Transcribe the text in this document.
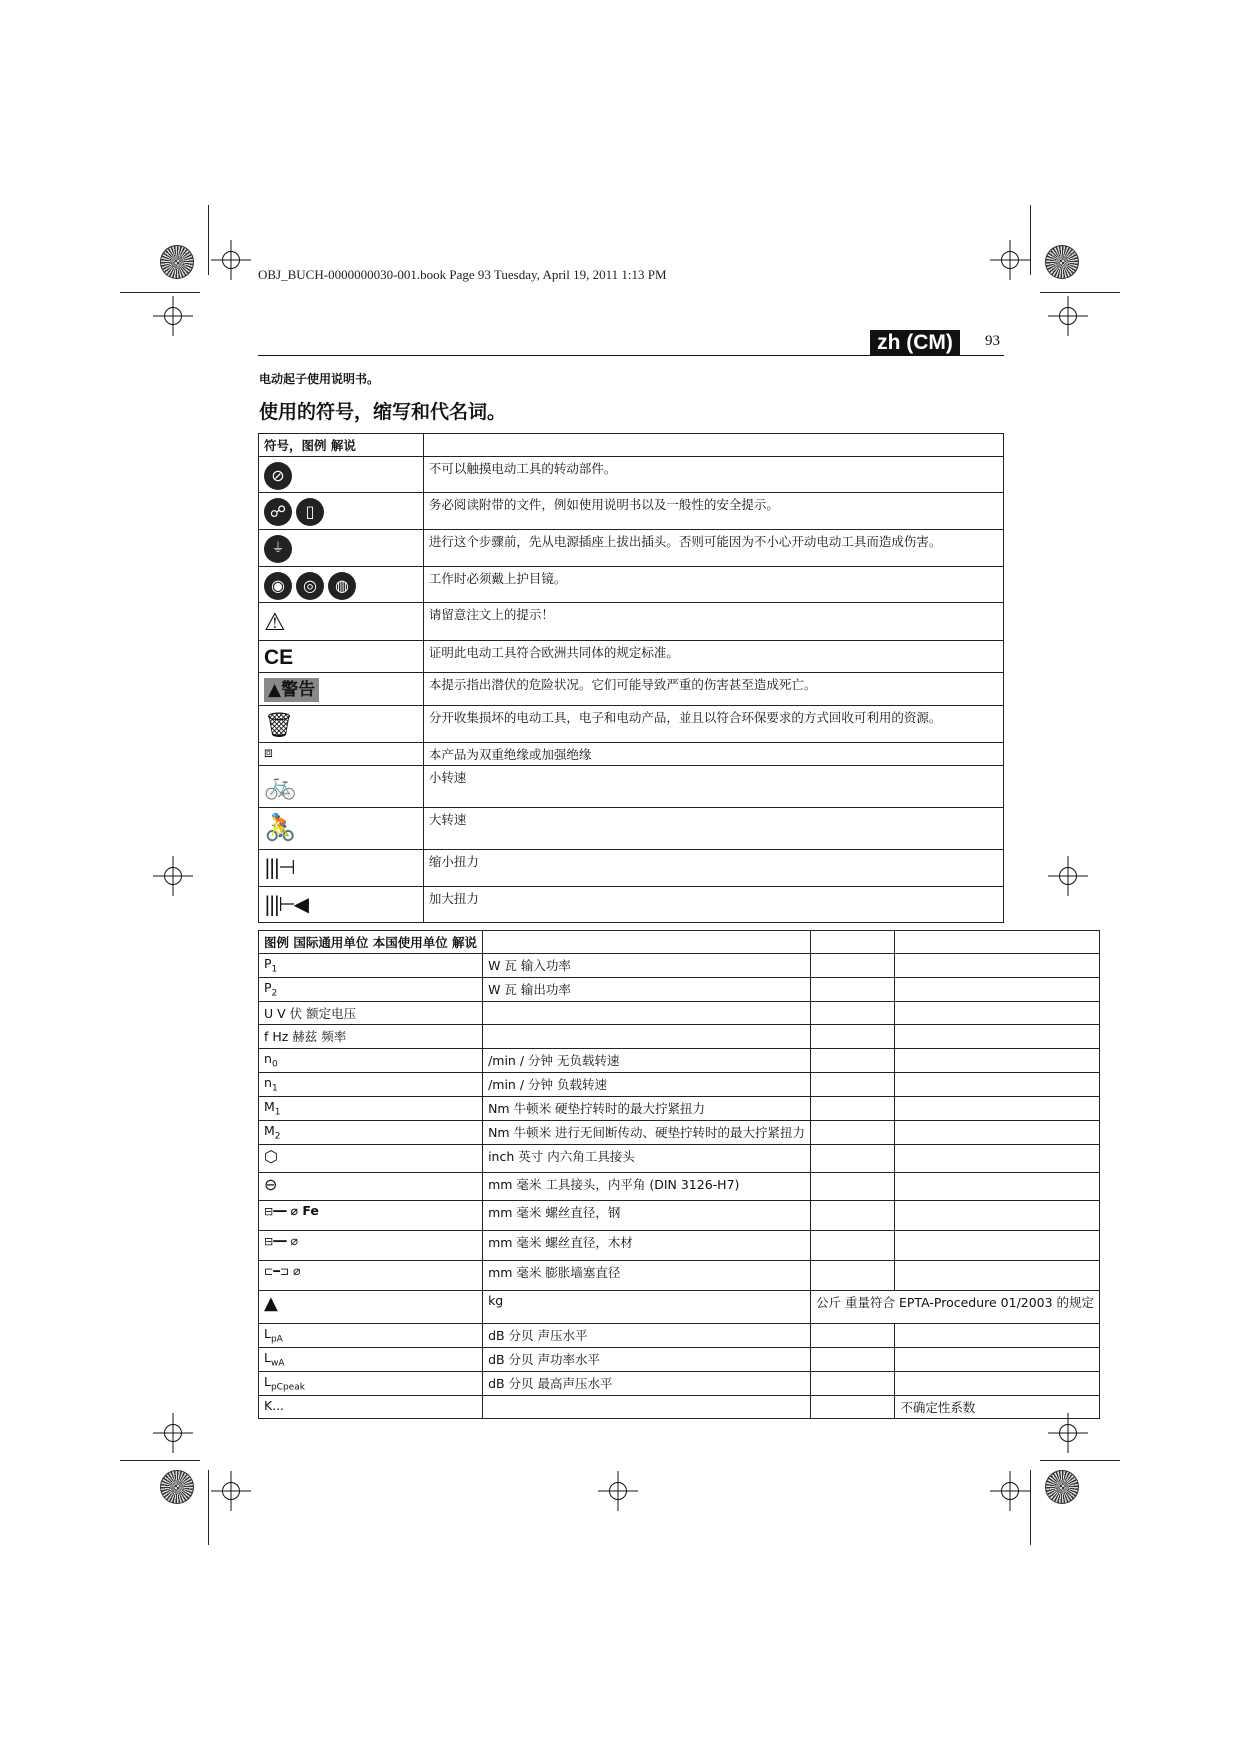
OBJ_BUCH-0000000030-001.book Page 93 Tuesday, April 19, 2011 1:13 PM
zh (CM)	93
电动起子使用说明书。
使用的符号，缩写和代名词。
符号，图例 解说	

⊘	不可以触摸电动工具的转动部件。

☍ ▯	务必阅读附带的文件，例如使用说明书以及一般性的安全提示。

⏚	进行这个步骤前，先从电源插座上拔出插头。否则可能因为不小心开动电动工具而造成伤害。

◉ ◎ ◍	工作时必须戴上护目镜。

⚠	请留意注文上的提示！

CE	证明此电动工具符合欧洲共同体的规定标准。

▲警告	本提示指出潜伏的危险状况。它们可能导致严重的伤害甚至造成死亡。

🗑	分开收集损坏的电动工具，电子和电动产品，並且以符合环保要求的方式回收可利用的资源。

⧈	本产品为双重绝缘或加强绝缘

🚲	小转速

🚴	大转速

|||⊣	缩小扭力

|||⊢◀	加大扭力
图例 国际通用单位 本国使用单位 解说			
$P_1$	W 瓦 输入功率		
$P_2$	W 瓦 输出功率		
U V 伏 额定电压			
f Hz 赫兹 频率			
$n_0$	/min / 分钟 无负载转速		
$n_1$	/min / 分钟 负载转速		
$M_1$	Nm 牛顿米 硬垫拧转时的最大拧紧扭力		
$M_2$	Nm 牛顿米 进行无间断传动、硬垫拧转时的最大拧紧扭力		
⬡	inch 英寸 内六角工具接头		
⊖	mm 毫米 工具接头，内平角 (DIN 3126-H7)		
⊟━━ ⌀ Fe	mm 毫米 螺丝直径，钢		
⊟━━ ⌀	mm 毫米 螺丝直径，木材		
⊏━⊐ ⌀	mm 毫米 膨胀墙塞直径		
▲	kg	公斤 重量符合 EPTA-Procedure 01/2003 的规定	
$L_{pA}$	dB 分贝 声压水平		
$L_{wA}$	dB 分贝 声功率水平		
$L_{pCpeak}$	dB 分贝 最高声压水平		
K...			不确定性系数
